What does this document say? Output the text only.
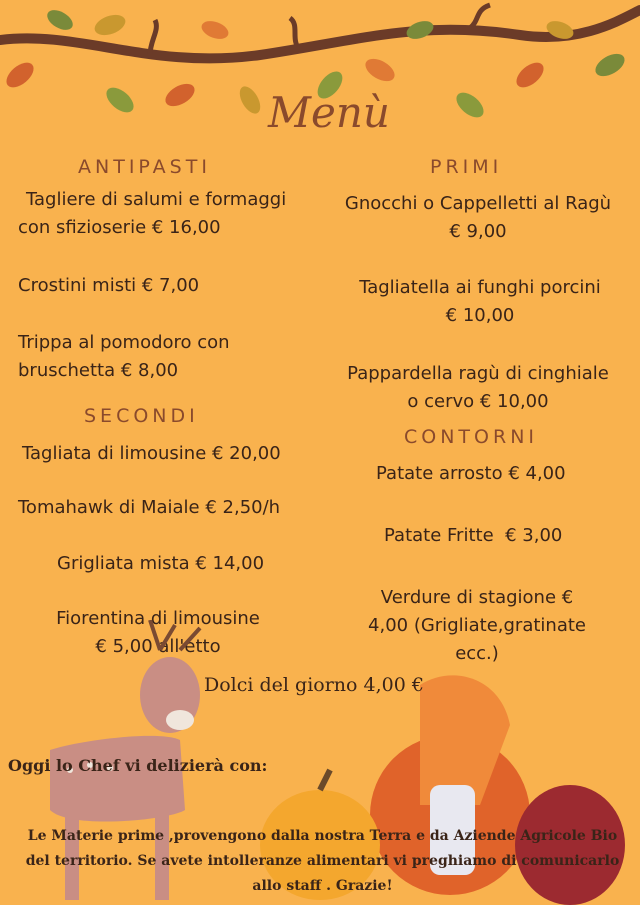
Menù
ANTIPASTI
Tagliere di salumi e formaggi
con sfizioserie € 16,00
Crostini misti € 7,00
Trippa al pomodoro con
bruschetta € 8,00
SECONDI
Tagliata di limousine € 20,00
Tomahawk di Maiale € 2,50/h
Grigliata mista € 14,00
Fiorentina di limousine
€ 5,00 all'etto
PRIMI
Gnocchi o Cappelletti al Ragù
€ 9,00
Tagliatella ai funghi porcini
€ 10,00
Pappardella ragù di cinghiale
o cervo € 10,00
CONTORNI
Patate arrosto € 4,00
Patate Fritte  € 3,00
Verdure di stagione €
4,00 (Grigliate,gratinate
ecc.)
Dolci del giorno 4,00 €
Oggi lo Chef vi delizierà con:
Le Materie prime ,provengono dalla nostra Terra e da Aziende Agricole Bio
del territorio. Se avete intolleranze alimentari vi preghiamo di comunicarlo
allo staff . Grazie!
